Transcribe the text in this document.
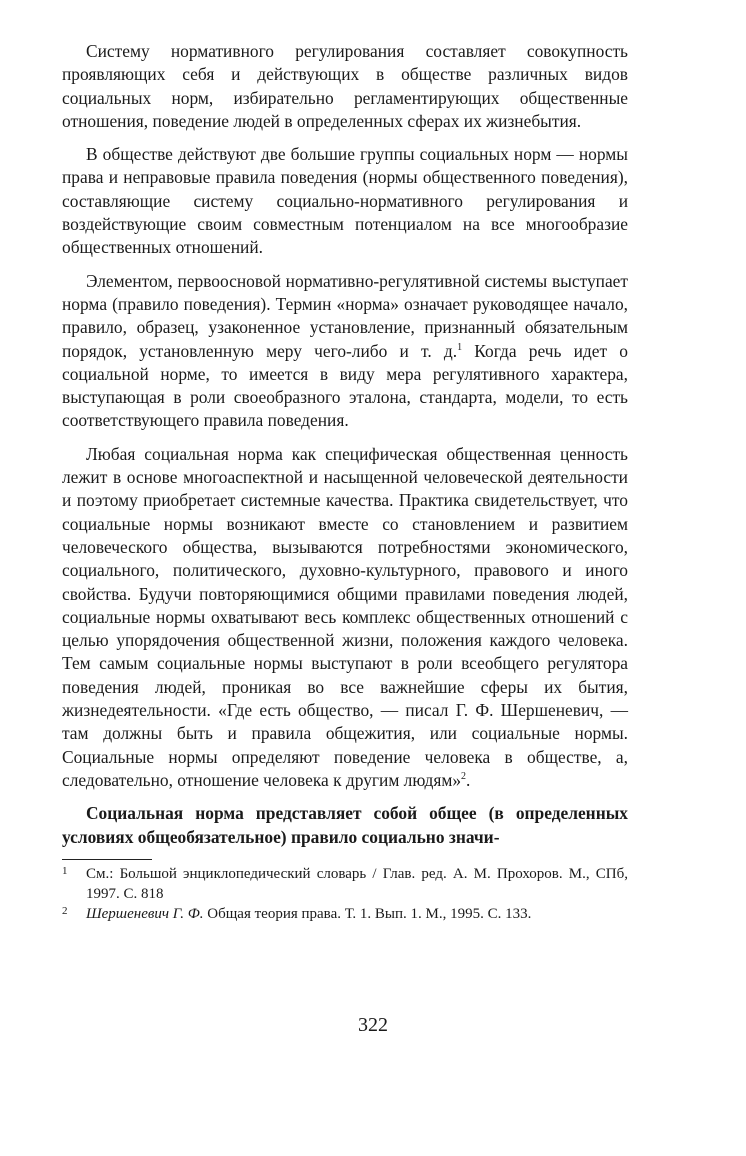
Систему нормативного регулирования составляет совокупность проявляющих себя и действующих в обществе различных видов социальных норм, избирательно регламентирующих общественные отношения, поведение людей в определенных сферах их жизнебытия.

В обществе действуют две большие группы социальных норм — нормы права и неправовые правила поведения (нормы общественного поведения), составляющие систему социально-нормативного регулирования и воздействующие своим совместным потенциалом на все многообразие общественных отношений.

Элементом, первоосновой нормативно-регулятивной системы выступает норма (правило поведения). Термин «норма» означает руководящее начало, правило, образец, узаконенное установление, признанный обязательным порядок, установленную меру чего-либо и т. д.$^1$ Когда речь идет о социальной норме, то имеется в виду мера регулятивного характера, выступающая в роли своеобразного эталона, стандарта, модели, то есть соответствующего правила поведения.

Любая социальная норма как специфическая общественная ценность лежит в основе многоаспектной и насыщенной человеческой деятельности и поэтому приобретает системные качества. Практика свидетельствует, что социальные нормы возникают вместе со становлением и развитием человеческого общества, вызываются потребностями экономического, социального, политического, духовно-культурного, правового и иного свойства. Будучи повторяющимися общими правилами поведения людей, социальные нормы охватывают весь комплекс общественных отношений с целью упорядочения общественной жизни, положения каждого человека. Тем самым социальные нормы выступают в роли всеобщего регулятора поведения людей, проникая во все важнейшие сферы их бытия, жизнедеятельности. «Где есть общество, — писал Г. Ф. Шершеневич, — там должны быть и правила общежития, или социальные нормы. Социальные нормы определяют поведение человека в обществе, а, следовательно, отношение человека к другим людям»$^2$.

Социальная норма представляет собой общее (в определенных условиях общеобязательное) правило социально значи-

1 См.: Большой энциклопедический словарь / Глав. ред. А. М. Прохоров. М., СПб, 1997. С. 818

2 Шершеневич Г. Ф. Общая теория права. Т. 1. Вып. 1. М., 1995. С. 133.

322
